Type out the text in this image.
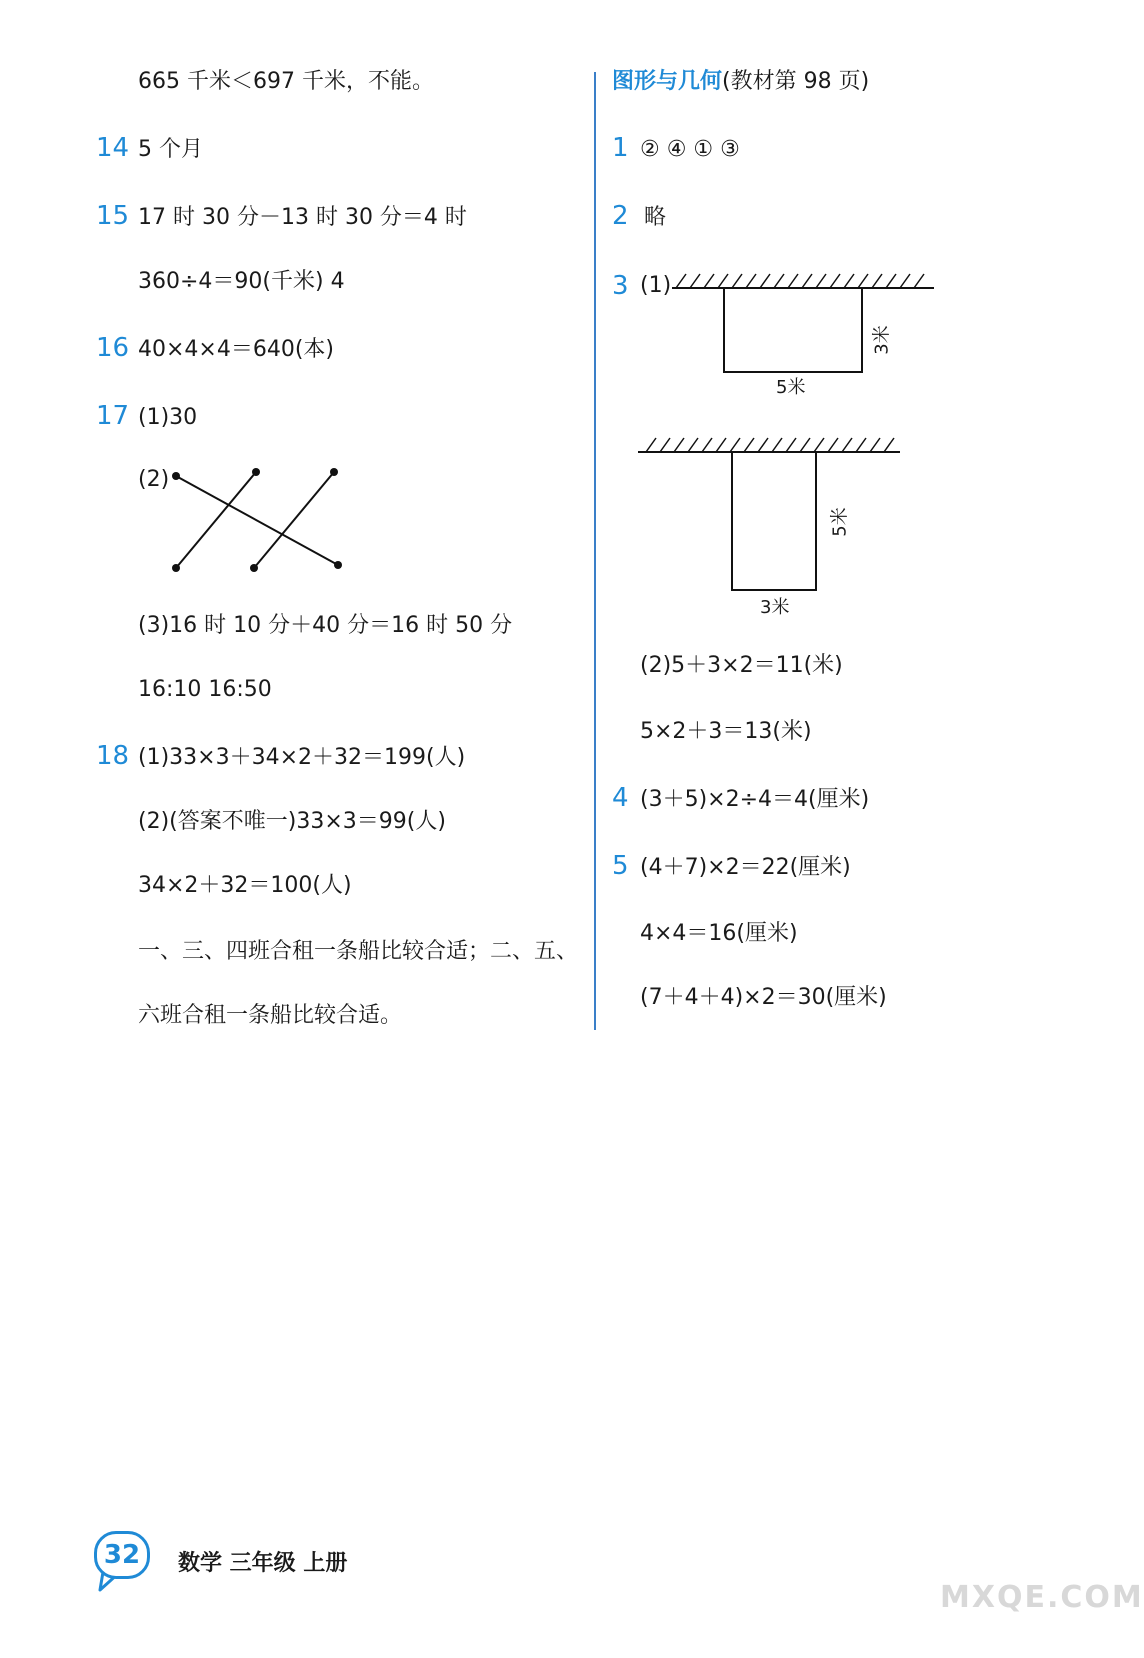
665 千米＜697 千米，不能。
14 5 个月
15 17 时 30 分－13 时 30 分＝4 时
360÷4＝90(千米) 4
16 40×4×4＝640(本)
17 (1)30
(2)
(3)16 时 10 分＋40 分＝16 时 50 分
16:10 16:50
18 (1)33×3＋34×2＋32＝199(人)
(2)(答案不唯一)33×3＝99(人)
34×2＋32＝100(人)
一、三、四班合租一条船比较合适；二、五、
六班合租一条船比较合适。
图形与几何(教材第 98 页)
1 ② ④ ① ③
2 略
3 (1)
5米
3米
3米
5米
(2)5＋3×2＝11(米)
5×2＋3＝13(米)
4 (3＋5)×2÷4＝4(厘米)
5 (4＋7)×2＝22(厘米)
4×4＝16(厘米)
(7＋4＋4)×2＝30(厘米)
32	数学 三年级 上册
MXQE.COM
